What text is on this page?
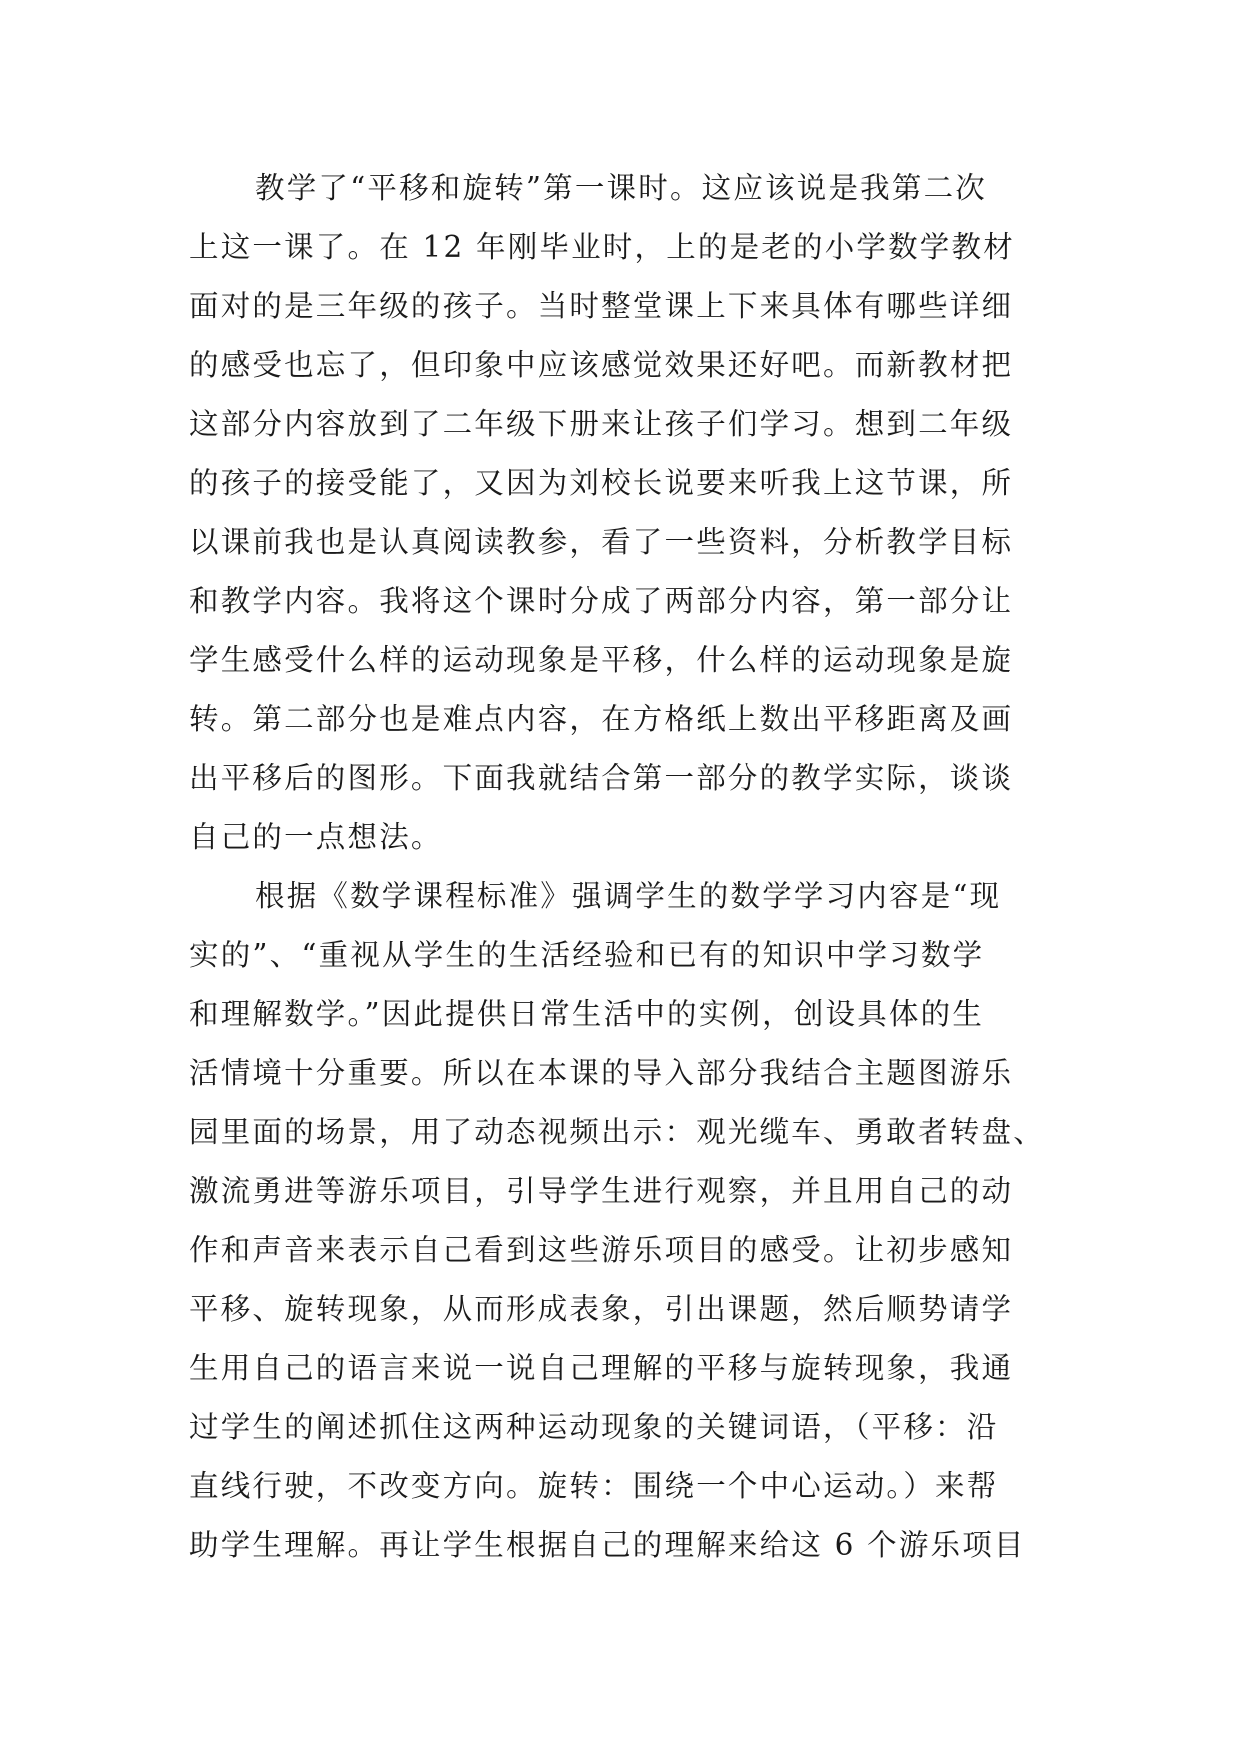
教学了“平移和旋转”第一课时。这应该说是我第二次
上这一课了。在 12 年刚毕业时，上的是老的小学数学教材
面对的是三年级的孩子。当时整堂课上下来具体有哪些详细
的感受也忘了，但印象中应该感觉效果还好吧。而新教材把
这部分内容放到了二年级下册来让孩子们学习。想到二年级
的孩子的接受能了，又因为刘校长说要来听我上这节课，所
以课前我也是认真阅读教参，看了一些资料，分析教学目标
和教学内容。我将这个课时分成了两部分内容，第一部分让
学生感受什么样的运动现象是平移，什么样的运动现象是旋
转。第二部分也是难点内容，在方格纸上数出平移距离及画
出平移后的图形。下面我就结合第一部分的教学实际，谈谈
自己的一点想法。
根据《数学课程标准》强调学生的数学学习内容是“现
实的”、“重视从学生的生活经验和已有的知识中学习数学
和理解数学。”因此提供日常生活中的实例，创设具体的生
活情境十分重要。所以在本课的导入部分我结合主题图游乐
园里面的场景，用了动态视频出示：观光缆车、勇敢者转盘、
激流勇进等游乐项目，引导学生进行观察，并且用自己的动
作和声音来表示自己看到这些游乐项目的感受。让初步感知
平移、旋转现象，从而形成表象，引出课题，然后顺势请学
生用自己的语言来说一说自己理解的平移与旋转现象，我通
过学生的阐述抓住这两种运动现象的关键词语，（平移：沿
直线行驶，不改变方向。旋转：围绕一个中心运动。）来帮
助学生理解。再让学生根据自己的理解来给这 6 个游乐项目
